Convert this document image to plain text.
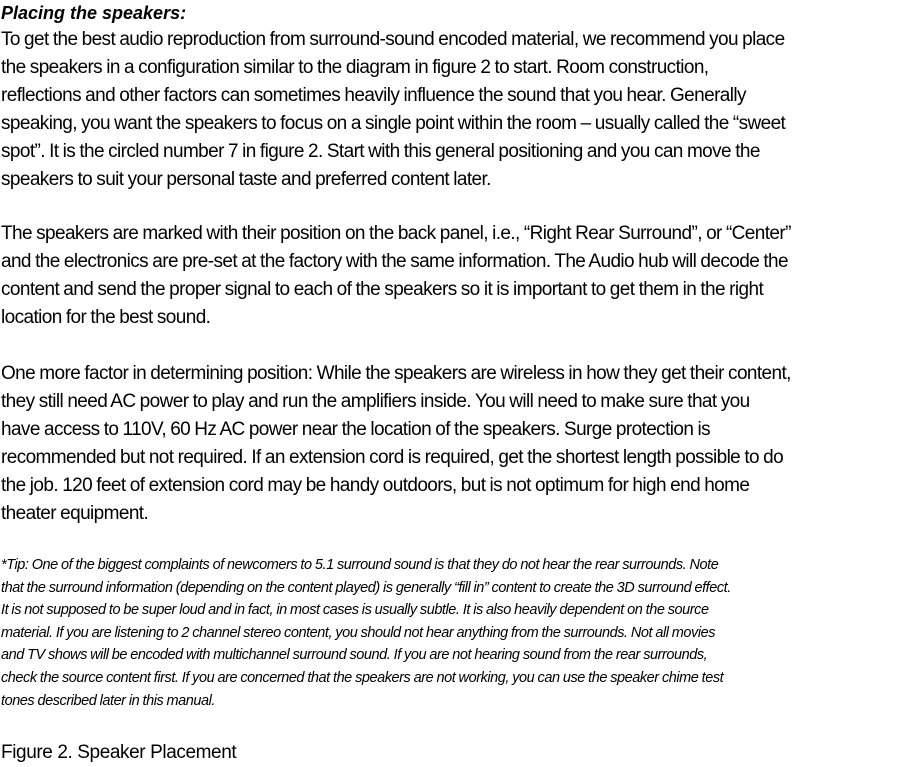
Placing the speakers:

To get the best audio reproduction from surround-sound encoded material, we recommend you place
the speakers in a configuration similar to the diagram in figure 2 to start. Room construction,
reflections and other factors can sometimes heavily influence the sound that you hear. Generally
speaking, you want the speakers to focus on a single point within the room – usually called the “sweet
spot”. It is the circled number 7 in figure 2. Start with this general positioning and you can move the
speakers to suit your personal taste and preferred content later.

The speakers are marked with their position on the back panel, i.e., “Right Rear Surround”, or “Center”
and the electronics are pre-set at the factory with the same information. The Audio hub will decode the
content and send the proper signal to each of the speakers so it is important to get them in the right
location for the best sound.

One more factor in determining position: While the speakers are wireless in how they get their content,
they still need AC power to play and run the amplifiers inside. You will need to make sure that you
have access to 110V, 60 Hz AC power near the location of the speakers. Surge protection is
recommended but not required. If an extension cord is required, get the shortest length possible to do
the job. 120 feet of extension cord may be handy outdoors, but is not optimum for high end home
theater equipment.

*Tip: One of the biggest complaints of newcomers to 5.1 surround sound is that they do not hear the rear surrounds. Note
that the surround information (depending on the content played) is generally “fill in” content to create the 3D surround effect.
It is not supposed to be super loud and in fact, in most cases is usually subtle. It is also heavily dependent on the source
material. If you are listening to 2 channel stereo content, you should not hear anything from the surrounds. Not all movies
and TV shows will be encoded with multichannel surround sound. If you are not hearing sound from the rear surrounds,
check the source content first. If you are concerned that the speakers are not working, you can use the speaker chime test
tones described later in this manual.

Figure 2. Speaker Placement
